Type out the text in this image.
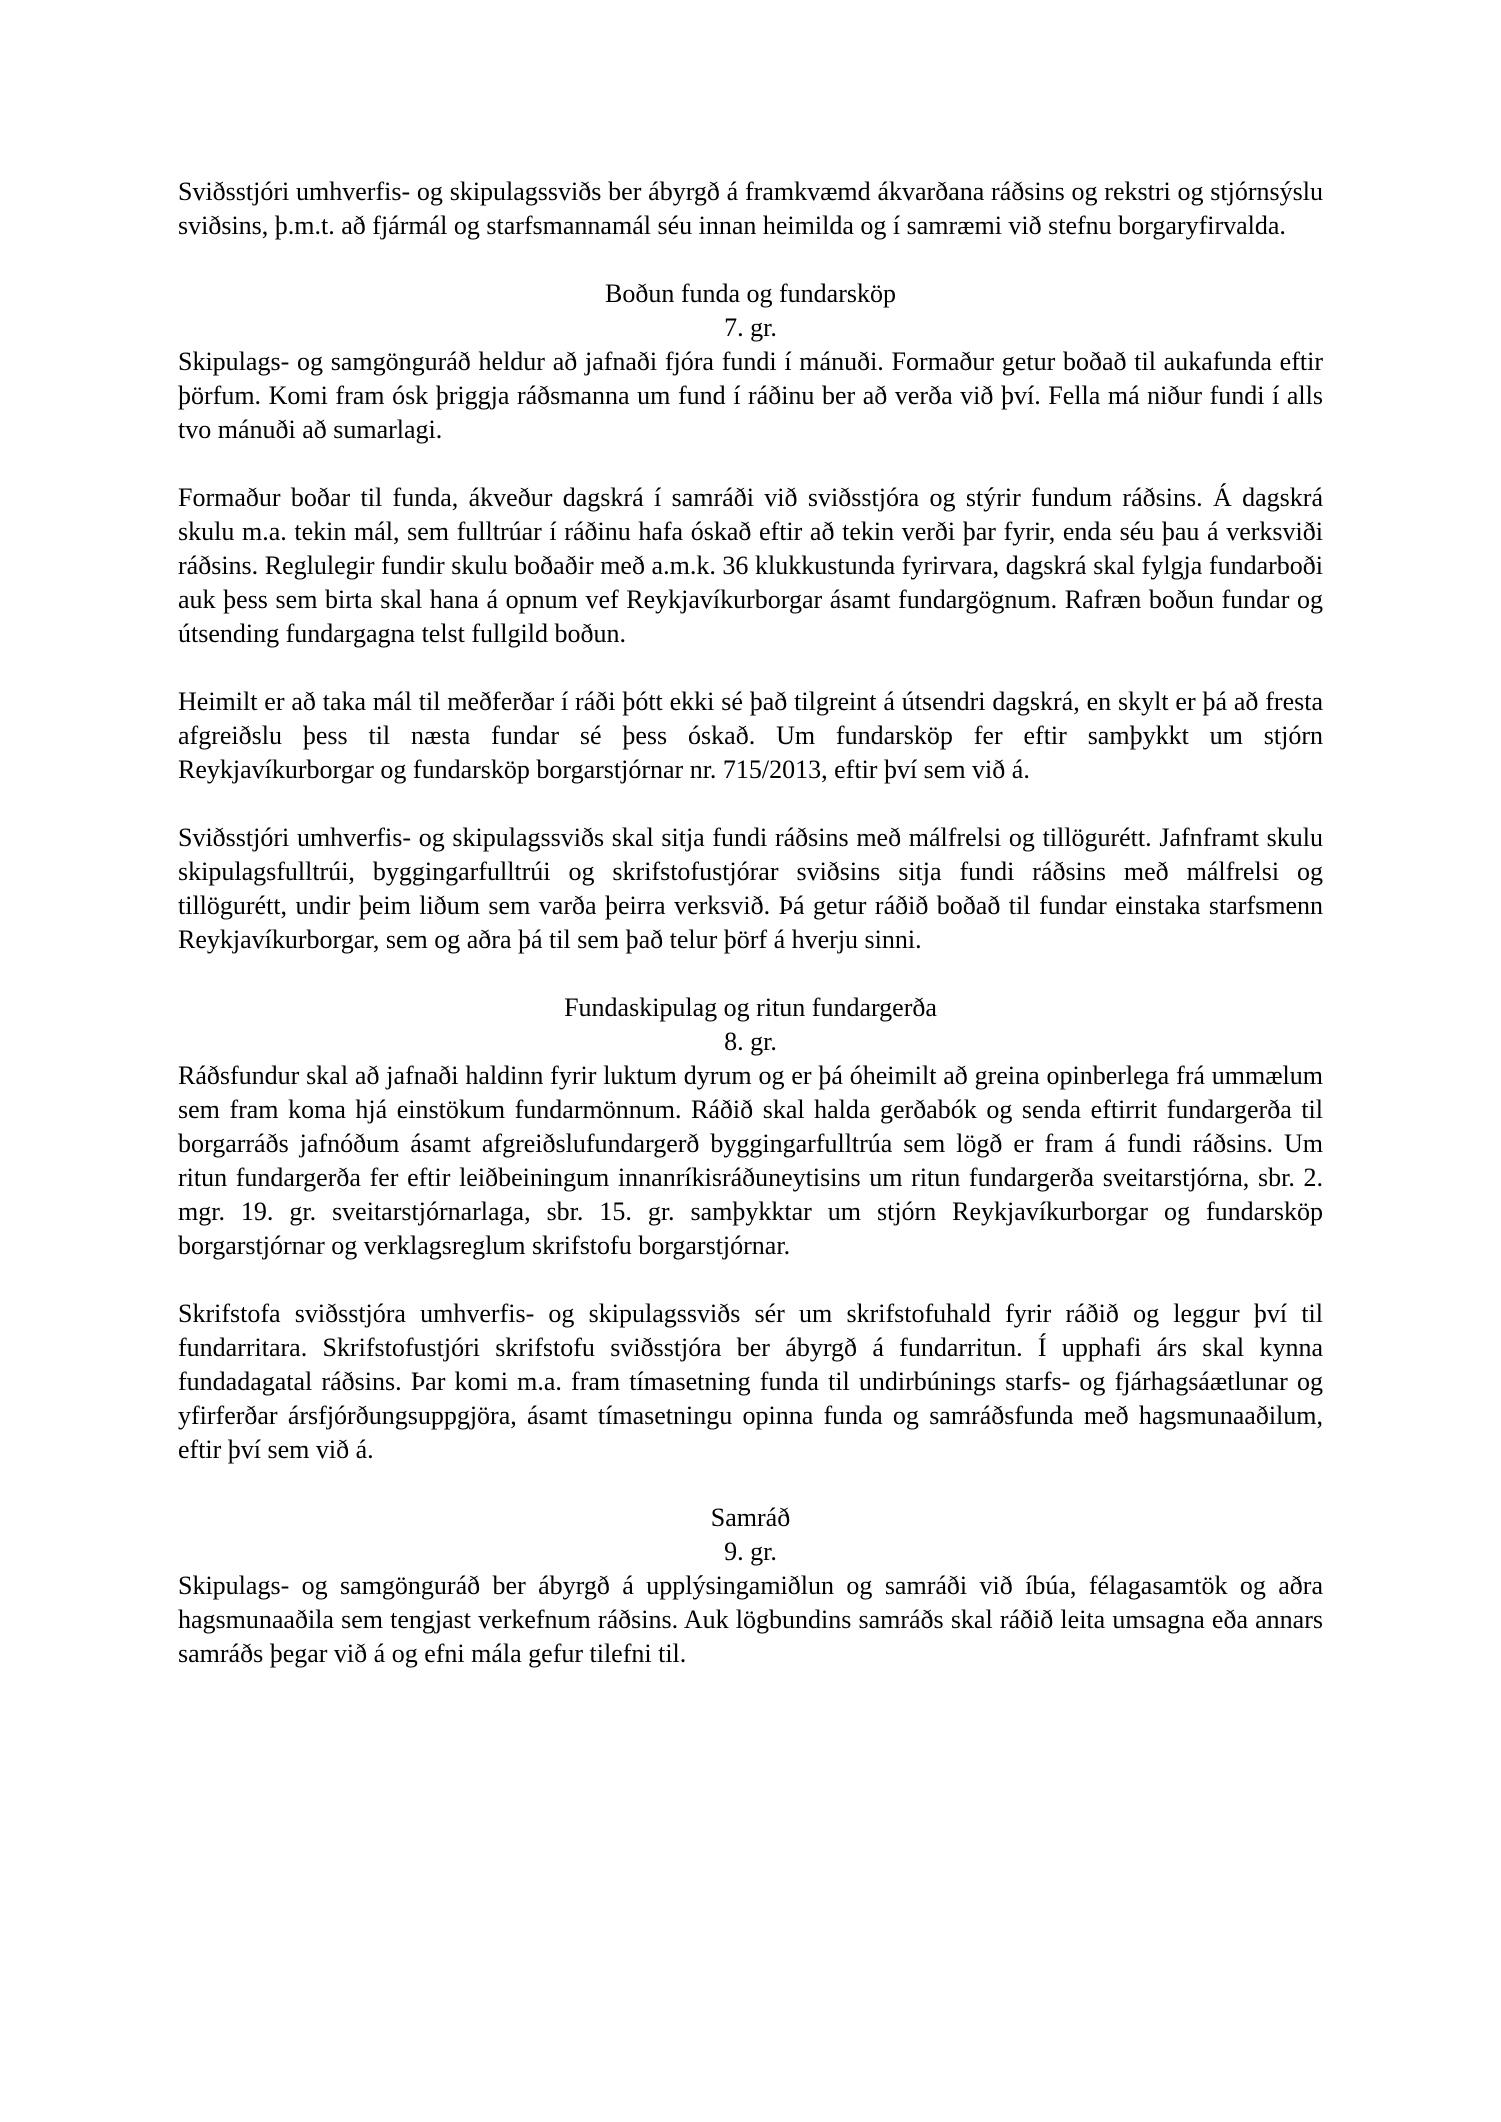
Sviðsstjóri umhverfis- og skipulagssviðs ber ábyrgð á framkvæmd ákvarðana ráðsins og rekstri og stjórnsýslu sviðsins, þ.m.t. að fjármál og starfsmannamál séu innan heimilda og í samræmi við stefnu borgaryfirvalda.

Boðun funda og fundarsköp
7. gr.

Skipulags- og samgönguráð heldur að jafnaði fjóra fundi í mánuði. Formaður getur boðað til aukafunda eftir þörfum. Komi fram ósk þriggja ráðsmanna um fund í ráðinu ber að verða við því. Fella má niður fundi í alls tvo mánuði að sumarlagi.

Formaður boðar til funda, ákveður dagskrá í samráði við sviðsstjóra og stýrir fundum ráðsins. Á dagskrá skulu m.a. tekin mál, sem fulltrúar í ráðinu hafa óskað eftir að tekin verði þar fyrir, enda séu þau á verksviði ráðsins. Reglulegir fundir skulu boðaðir með a.m.k. 36 klukkustunda fyrirvara, dagskrá skal fylgja fundarboði auk þess sem birta skal hana á opnum vef Reykjavíkurborgar ásamt fundargögnum. Rafræn boðun fundar og útsending fundargagna telst fullgild boðun.

Heimilt er að taka mál til meðferðar í ráði þótt ekki sé það tilgreint á útsendri dagskrá, en skylt er þá að fresta afgreiðslu þess til næsta fundar sé þess óskað. Um fundarsköp fer eftir samþykkt um stjórn Reykjavíkurborgar og fundarsköp borgarstjórnar nr. 715/2013, eftir því sem við á.

Sviðsstjóri umhverfis- og skipulagssviðs skal sitja fundi ráðsins með málfrelsi og tillögurétt. Jafnframt skulu skipulagsfulltrúi, byggingarfulltrúi og skrifstofustjórar sviðsins sitja fundi ráðsins með málfrelsi og tillögurétt, undir þeim liðum sem varða þeirra verksvið. Þá getur ráðið boðað til fundar einstaka starfsmenn Reykjavíkurborgar, sem og aðra þá til sem það telur þörf á hverju sinni.

Fundaskipulag og ritun fundargerða
8. gr.

Ráðsfundur skal að jafnaði haldinn fyrir luktum dyrum og er þá óheimilt að greina opinberlega frá ummælum sem fram koma hjá einstökum fundarmönnum. Ráðið skal halda gerðabók og senda eftirrit fundargerða til borgarráðs jafnóðum ásamt afgreiðslufundargerð byggingarfulltrúa sem lögð er fram á fundi ráðsins. Um ritun fundargerða fer eftir leiðbeiningum innanríkisráðuneytisins um ritun fundargerða sveitarstjórna, sbr. 2. mgr. 19. gr. sveitarstjórnarlaga, sbr. 15. gr. samþykktar um stjórn Reykjavíkurborgar og fundarsköp borgarstjórnar og verklagsreglum skrifstofu borgarstjórnar.

Skrifstofa sviðsstjóra umhverfis- og skipulagssviðs sér um skrifstofuhald fyrir ráðið og leggur því til fundarritara. Skrifstofustjóri skrifstofu sviðsstjóra ber ábyrgð á fundarritun. Í upphafi árs skal kynna fundadagatal ráðsins. Þar komi m.a. fram tímasetning funda til undirbúnings starfs- og fjárhagsáætlunar og yfirferðar ársfjórðungsuppgjöra, ásamt tímasetningu opinna funda og samráðsfunda með hagsmunaaðilum, eftir því sem við á.

Samráð
9. gr.

Skipulags- og samgönguráð ber ábyrgð á upplýsingamiðlun og samráði við íbúa, félagasamtök og aðra hagsmunaaðila sem tengjast verkefnum ráðsins. Auk lögbundins samráðs skal ráðið leita umsagna eða annars samráðs þegar við á og efni mála gefur tilefni til.
